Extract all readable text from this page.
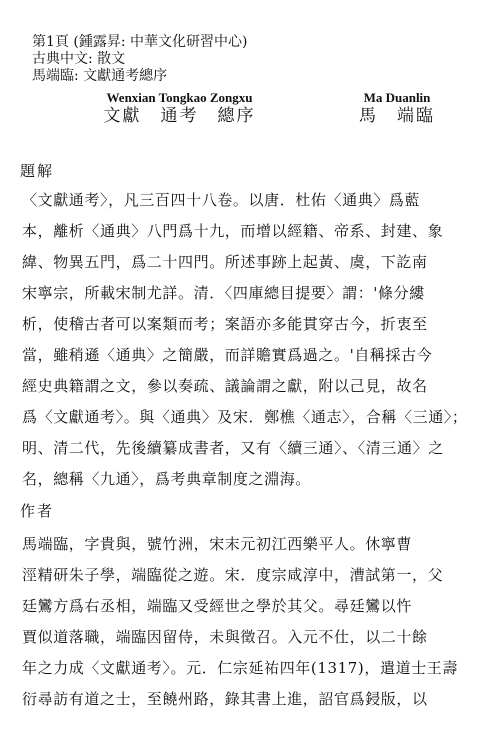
第1頁 (鍾露昇: 中華文化研習中心)
古典中文: 散文
馬端臨: 文獻通考總序
Wenxian Tongkao Zongxu
文獻　通考　總序
Ma Duanlin
馬　端臨
題解
〈文獻通考〉，凡三百四十八卷。以唐．杜佑〈通典〉爲藍
本，離析〈通典〉八門爲十九，而增以經籍、帝系、封建、象
緯、物異五門，爲二十四門。所述事跡上起黃、虞，下訖南
宋寧宗，所載宋制尤詳。清．〈四庫總目提要〉謂：'條分縷
析，使稽古者可以案類而考；案語亦多能貫穿古今，折衷至
當，雖稍遜〈通典〉之簡嚴，而詳贍實爲過之。'自稱採古今
經史典籍謂之文，參以奏疏、議論謂之獻，附以己見，故名
爲〈文獻通考〉。與〈通典〉及宋．鄭樵〈通志〉，合稱〈三通〉；
明、清二代，先後續纂成書者，又有〈續三通〉、〈清三通〉之
名，總稱〈九通〉，爲考典章制度之淵海。
作者
馬端臨，字貴與，號竹洲，宋末元初江西樂平人。休寧曹
涇精研朱子學，端臨從之遊。宋．度宗咸淳中，漕試第一，父
廷鸞方爲右丞相，端臨又受經世之學於其父。尋廷鸞以忤
賈似道落職，端臨因留侍，未與徵召。入元不仕，以二十餘
年之力成〈文獻通考〉。元．仁宗延祐四年(1317)，遣道士王壽
衍尋訪有道之士，至饒州路，錄其書上進，詔官爲鋟版，以
